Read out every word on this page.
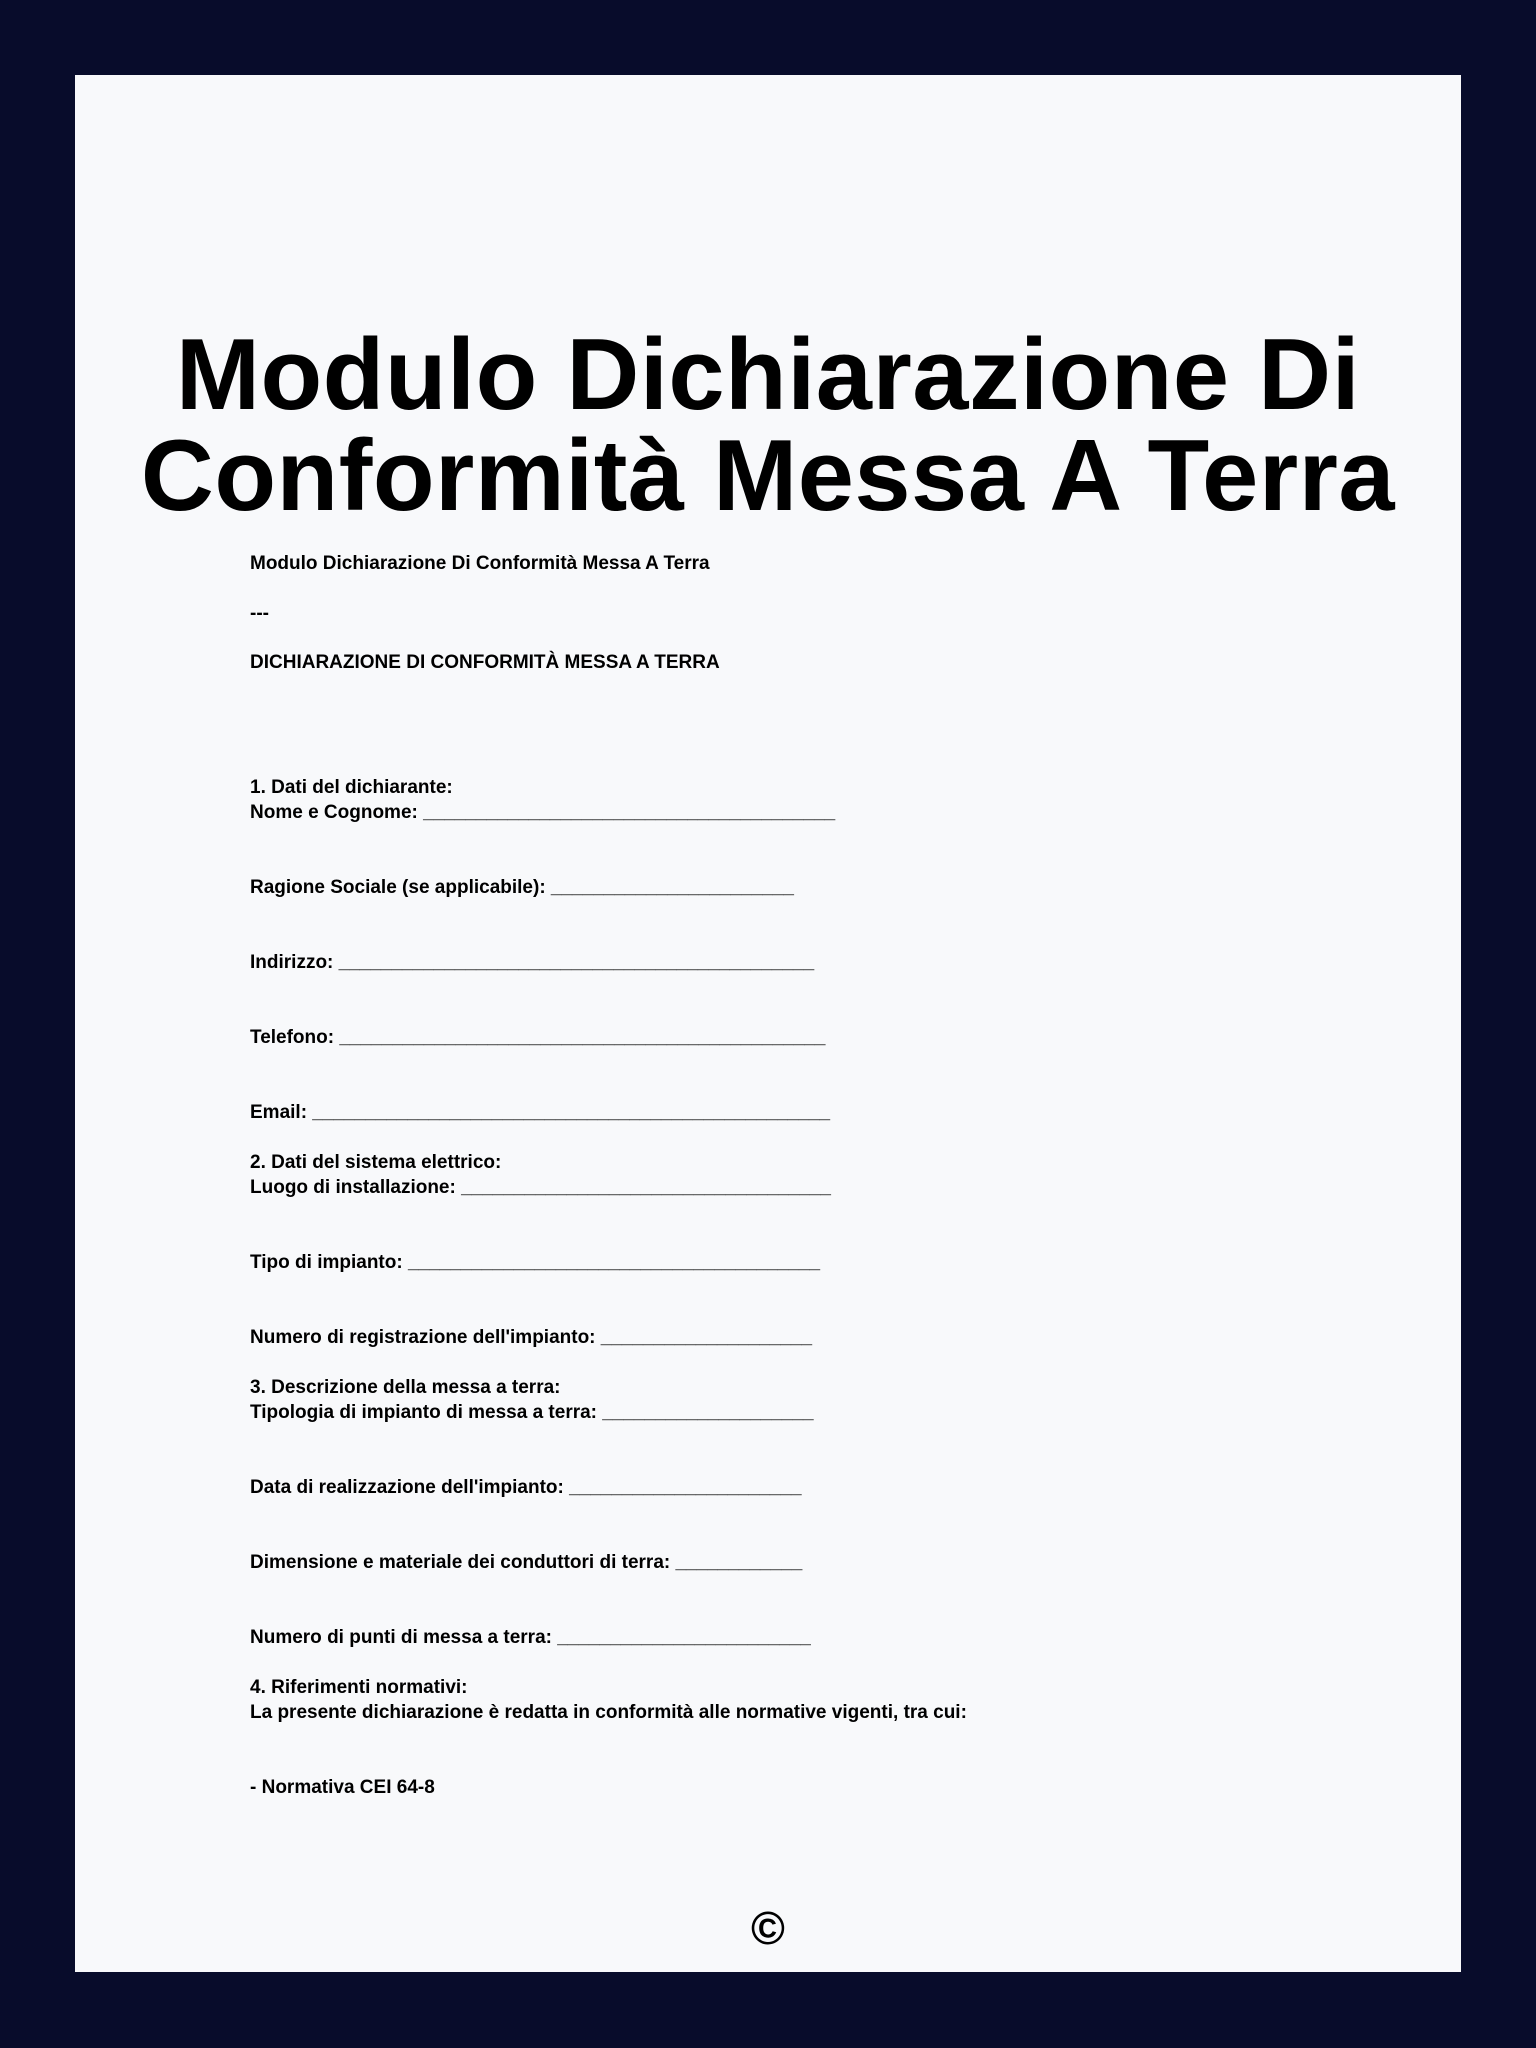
Modulo Dichiarazione Di
Conformità Messa A Terra

Modulo Dichiarazione Di Conformità Messa A Terra

---

DICHIARAZIONE DI CONFORMITÀ MESSA A TERRA

1. Dati del dichiarante:

Nome e Cognome: _______________________________________

Ragione Sociale (se applicabile): _______________________

Indirizzo: _____________________________________________

Telefono: ______________________________________________

Email: _________________________________________________

2. Dati del sistema elettrico:

Luogo di installazione: ___________________________________

Tipo di impianto: _______________________________________

Numero di registrazione dell'impianto: ____________________

3. Descrizione della messa a terra:

Tipologia di impianto di messa a terra: ____________________

Data di realizzazione dell'impianto: ______________________

Dimensione e materiale dei conduttori di terra: ____________

Numero di punti di messa a terra: ________________________

4. Riferimenti normativi:

La presente dichiarazione è redatta in conformità alle normative vigenti, tra cui:

- Normativa CEI 64-8

©
